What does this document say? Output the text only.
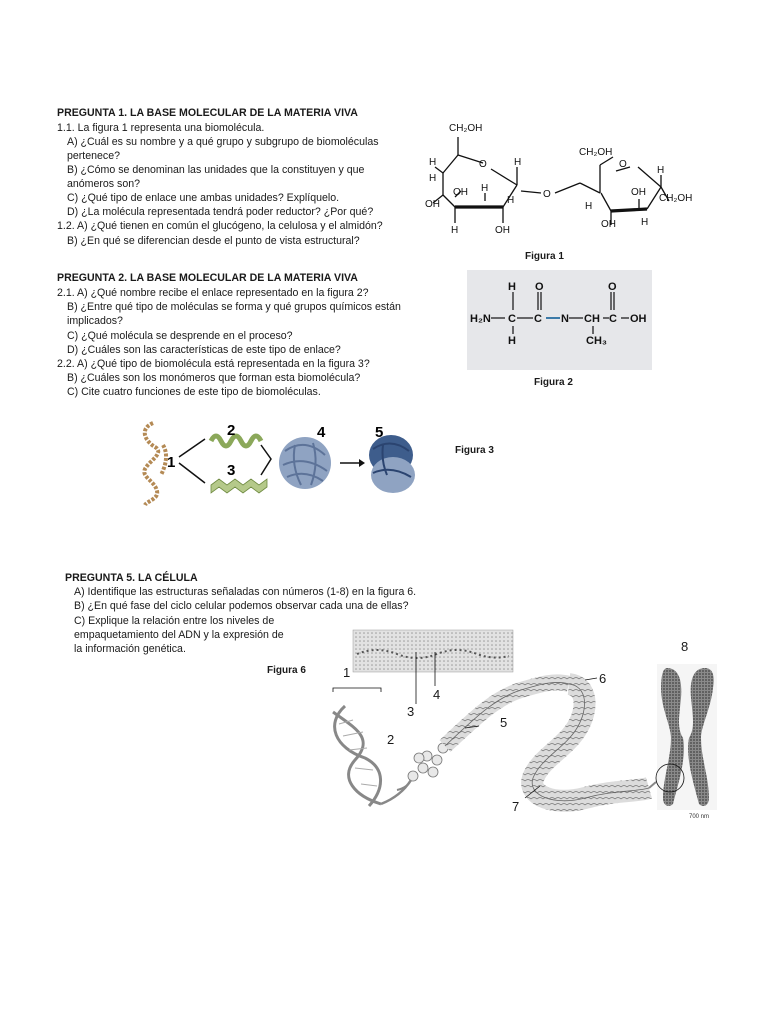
PREGUNTA 1. LA BASE MOLECULAR DE LA MATERIA VIVA
1.1. La figura 1 representa una biomolécula.
A) ¿Cuál es su nombre y a qué grupo y subgrupo de biomoléculas
pertenece?
B) ¿Cómo se denominan las unidades que la constituyen y que
anómeros son?
C) ¿Qué tipo de enlace une ambas unidades? Explíquelo.
D) ¿La molécula representada tendrá poder reductor? ¿Por qué?
1.2. A) ¿Qué tienen en común el glucógeno, la celulosa y el almidón?
B) ¿En qué se diferencian desde el punto de vista estructural?
CH₂OH
O
H
H
OH
OH H
H
H
H	OH
O
CH₂OH
O
H
H
OH
CH₂OH
OH	H
Figura 1
PREGUNTA 2. LA BASE MOLECULAR DE LA MATERIA VIVA
2.1. A) ¿Qué nombre recibe el enlace representado en la figura 2?
B) ¿Entre qué tipo de moléculas se forma y qué grupos químicos están
implicados?
C) ¿Qué molécula se desprende en el proceso?
D) ¿Cuáles son las características de este tipo de enlace?
2.2. A) ¿Qué tipo de biomolécula está representada en la figura 3?
B) ¿Cuáles son los monómeros que forman esta biomolécula?
C) Cite cuatro funciones de este tipo de biomoléculas.
H₂N C
H
H
C
O
N CH
CH₃
C
O
OH
Figura 2
1
2
3
4	5
Figura 3
PREGUNTA 5. LA CÉLULA
A) Identifique las estructuras señaladas con números (1-8) en la figura 6.
B) ¿En qué fase del ciclo celular podemos observar cada una de ellas?
C) Explique la relación entre los niveles de
empaquetamiento del ADN y la expresión de
la información genética.
Figura 6
700 nm
1
2
3
4
5
6
7
8
